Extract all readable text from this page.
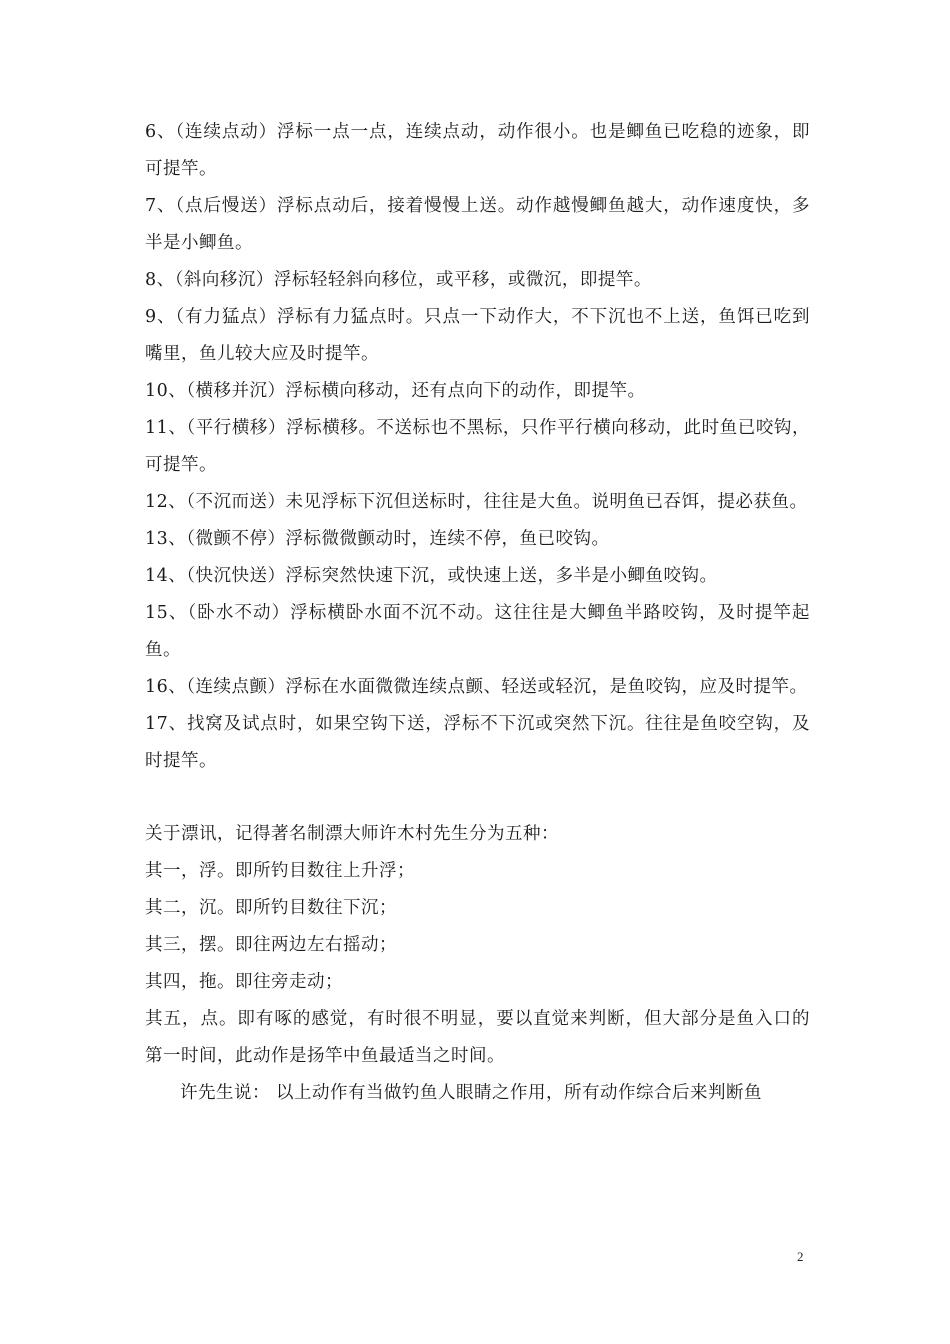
6、（连续点动）浮标一点一点，连续点动，动作很小。也是鲫鱼已吃稳的迹象，即可提竿。

7、（点后慢送）浮标点动后，接着慢慢上送。动作越慢鲫鱼越大，动作速度快，多半是小鲫鱼。

8、（斜向移沉）浮标轻轻斜向移位，或平移，或微沉，即提竿。

9、（有力猛点）浮标有力猛点时。只点一下动作大，不下沉也不上送，鱼饵已吃到嘴里，鱼儿较大应及时提竿。

10、（横移并沉）浮标横向移动，还有点向下的动作，即提竿。

11、（平行横移）浮标横移。不送标也不黑标，只作平行横向移动，此时鱼已咬钩，可提竿。

12、（不沉而送）未见浮标下沉但送标时，往往是大鱼。说明鱼已吞饵，提必获鱼。

13、（微颤不停）浮标微微颤动时，连续不停，鱼已咬钩。

14、（快沉快送）浮标突然快速下沉，或快速上送，多半是小鲫鱼咬钩。

15、（卧水不动）浮标横卧水面不沉不动。这往往是大鲫鱼半路咬钩，及时提竿起鱼。

16、（连续点颤）浮标在水面微微连续点颤、轻送或轻沉，是鱼咬钩，应及时提竿。

17、找窝及试点时，如果空钩下送，浮标不下沉或突然下沉。往往是鱼咬空钩，及时提竿。

关于漂讯，记得著名制漂大师许木村先生分为五种：

其一，浮。即所钓目数往上升浮；

其二，沉。即所钓目数往下沉；

其三，摆。即往两边左右摇动；

其四，拖。即往旁走动；

其五，点。即有啄的感觉，有时很不明显，要以直觉来判断，但大部分是鱼入口的第一时间，此动作是扬竿中鱼最适当之时间。

许先生说： 以上动作有当做钓鱼人眼睛之作用，所有动作综合后来判断鱼

2
